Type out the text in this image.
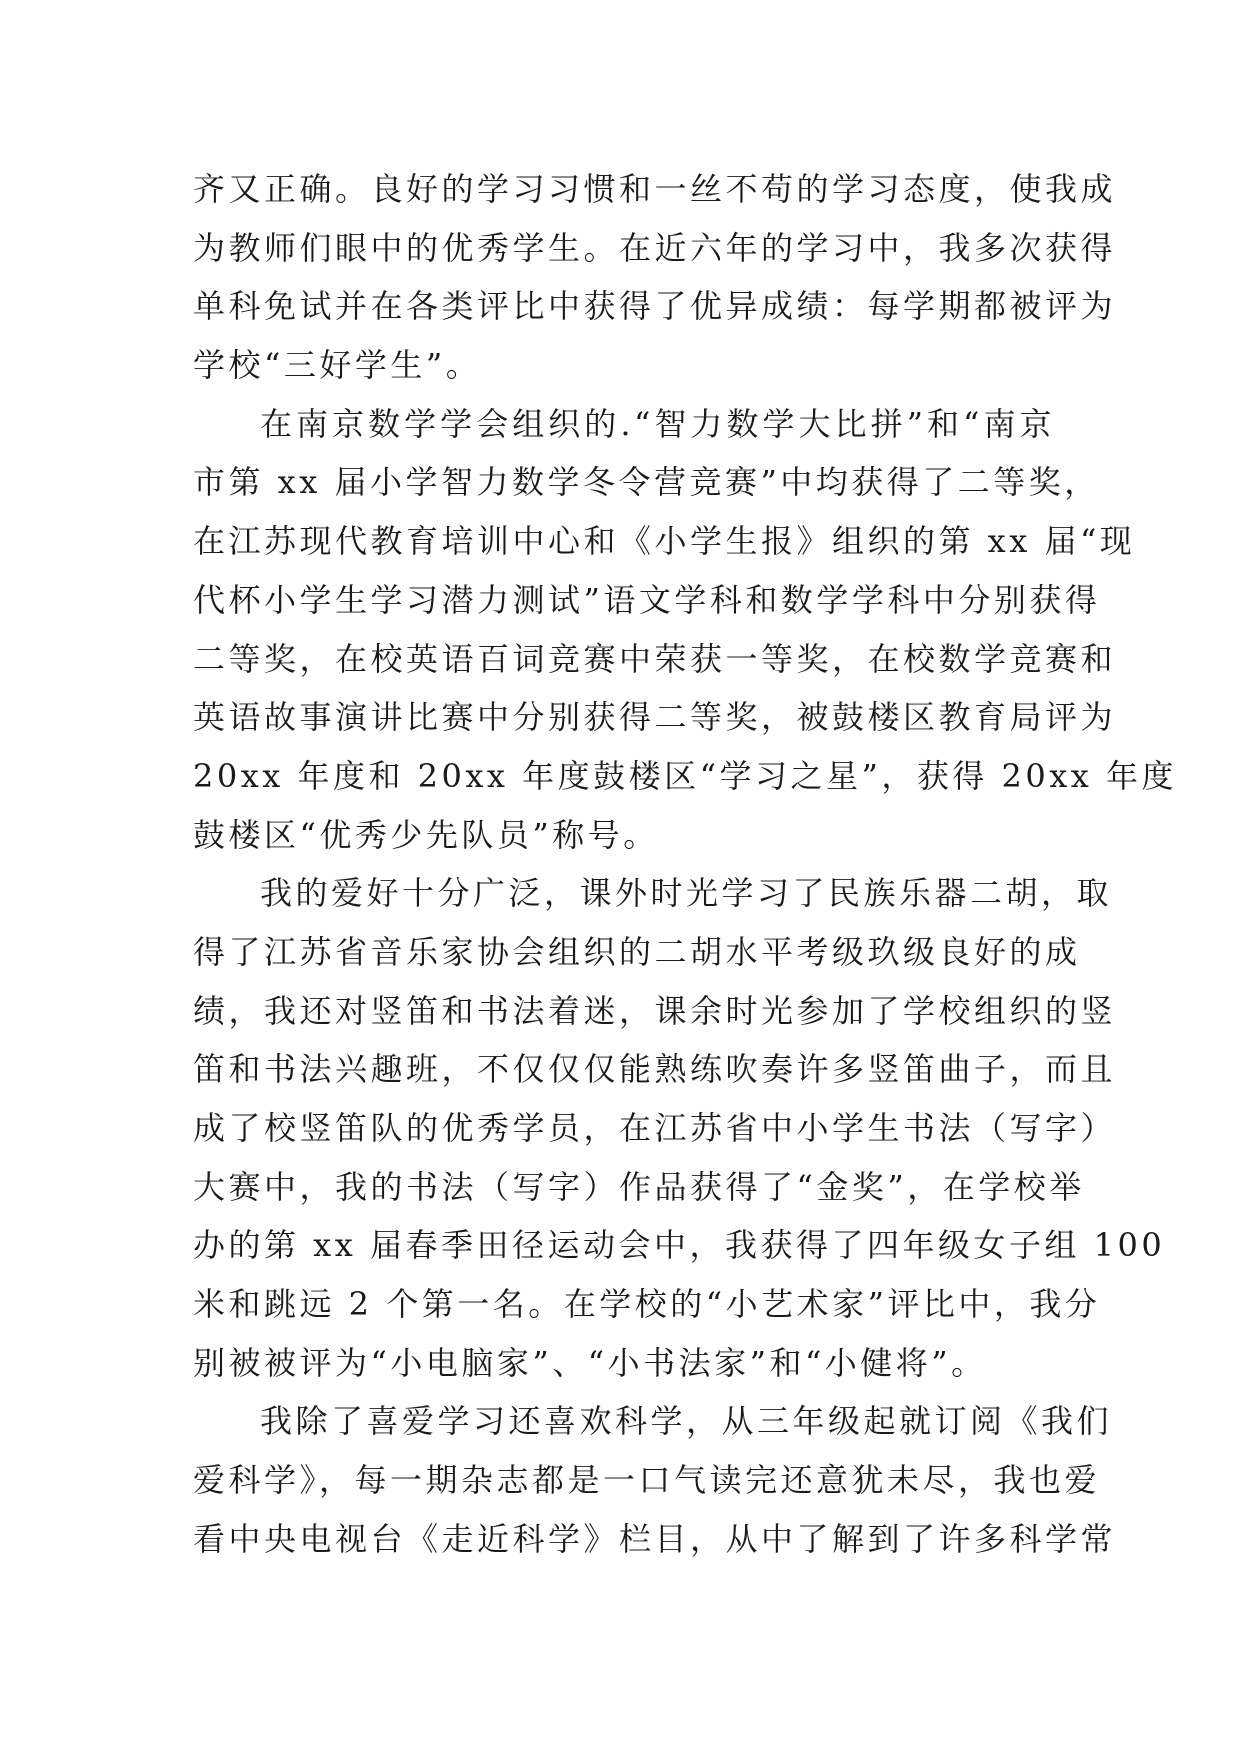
齐又正确。良好的学习习惯和一丝不苟的学习态度，使我成
为教师们眼中的优秀学生。在近六年的学习中，我多次获得
单科免试并在各类评比中获得了优异成绩：每学期都被评为
学校“三好学生”。
在南京数学学会组织的.“智力数学大比拼”和“南京
市第 xx 届小学智力数学冬令营竞赛”中均获得了二等奖，
在江苏现代教育培训中心和《小学生报》组织的第 xx 届“现
代杯小学生学习潜力测试”语文学科和数学学科中分别获得
二等奖，在校英语百词竞赛中荣获一等奖，在校数学竞赛和
英语故事演讲比赛中分别获得二等奖，被鼓楼区教育局评为
20xx 年度和 20xx 年度鼓楼区“学习之星”，获得 20xx 年度
鼓楼区“优秀少先队员”称号。
我的爱好十分广泛，课外时光学习了民族乐器二胡，取
得了江苏省音乐家协会组织的二胡水平考级玖级良好的成
绩，我还对竖笛和书法着迷，课余时光参加了学校组织的竖
笛和书法兴趣班，不仅仅仅能熟练吹奏许多竖笛曲子，而且
成了校竖笛队的优秀学员，在江苏省中小学生书法（写字）
大赛中，我的书法（写字）作品获得了“金奖”，在学校举
办的第 xx 届春季田径运动会中，我获得了四年级女子组 100
米和跳远 2 个第一名。在学校的“小艺术家”评比中，我分
别被被评为“小电脑家”、“小书法家”和“小健将”。
我除了喜爱学习还喜欢科学，从三年级起就订阅《我们
爱科学》，每一期杂志都是一口气读完还意犹未尽，我也爱
看中央电视台《走近科学》栏目，从中了解到了许多科学常
